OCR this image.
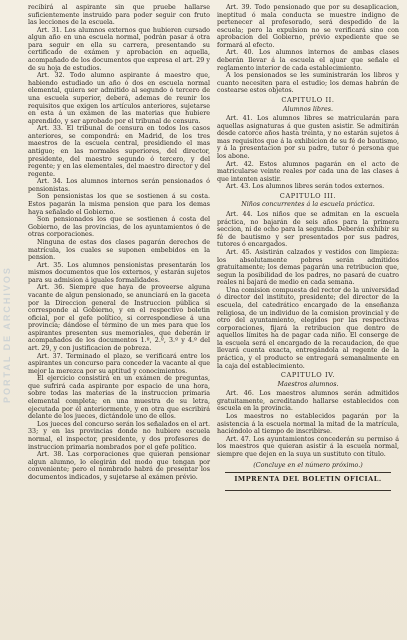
PORTAL DE ARCHIVOS

recibirá al aspirante sin que pruebe hallarse suficientemente instruido para poder seguir con fruto las lecciones de la escuela.

Art. 31. Los alumnos externos que hubieren cursado algun año en una escuela normal, podrán pasar á otra para seguir en ella su carrera, presentando su certificado de exámen y aprobacion en aquella, acompañado de los documentos que expresa el art. 29 y de su hoja de estudios.

Art. 32. Todo alumno aspirante á maestro que, habiendo estudiado un año ó dos en escuela normal elemental, quiera ser admitido al segundo ó tercero de una escuela superior, deberá, ademas de reunir los requisitos que exigen los artículos anteriores, sujetarse en esta á un exámen de las materias que hubiere aprendido, y ser aprobado por el tribunal de censura.

Art. 33. El tribunal de censura en todos los casos anteriores, se compondrá: en Madrid, de los tres maestros de la escuela central, presidiendo el mas antiguo; en las normales superiores, del director, presidente, del maestro segundo ó tercero, y del regente; y en las elementales, del maestro director y del regente.

Art. 34. Los alumnos internos serán pensionados ó pensionistas.

Son pensionistas los que se sostienen á su costa. Estos pagarán la misma pension que para los demas haya señalado el Gobierno.

Son pensionados los que se sostienen á costa del Gobierno, de las provincias, de los ayuntamientos ó de otras corporaciones.

Ninguna de estas dos clases pagarán derechos de matrícula, los cuales se suponen embebidos en la pension.

Art. 35. Los alumnos pensionistas presentarán los mismos documentos que los externos, y estarán sujetos para su admision á iguales formalidades.

Art. 36. Siempre que haya de proveerse alguna vacante de algun pensionado, se anunciará en la gaceta por la Direccion general de Instruccion pública si corresponde al Gobierno, y en el respectivo boletin oficial, por el gefe político, si correspondiese á una provincia; dándose el término de un mes para que los aspirantes presenten sus memoriales, que deberán ir acompañados de los documentos 1.º, 2.º, 3.º y 4.º del art. 29, y con justificacion de pobreza.

Art. 37. Terminado el plazo, se verificará entre los aspirantes un concurso para conceder la vacante al que mejor la merezca por su aptitud y conocimientos.

El ejercicio consistirá en un exámen de preguntas, que sufrirá cada aspirante por espacio de una hora, sobre todas las materias de la instruccion primaria elemental completa; en una muestra de su letra, ejecutada por él anteriormente, y en otra que escribirá delante de los jueces, dictándole uno de ellos.

Los jueces del concurso serán los señalados en el art. 33; y en las provincias donde no hubiere escuela normal, el inspector, presidente, y dos profesores de instruccion primaria nombrados por el gefe político.

Art. 38. Las corporaciones que quieran pensionar algun alumno, lo elegirán del modo que tengan por conveniente; pero el nombrado habrá de presentar los documentos indicados, y sujetarse al exámen prévio.

Art. 39. Todo pensionado que por su desaplicacion, ineptitud ó mala conducta se muestre indigno de pertenecer al profesorado, será despedido de la escuela; pero la expulsion no se verificará sino con aprobacion del Gobierno, prévio expediente que se formará al efecto.

Art. 40. Los alumnos internos de ambas clases deberán llevar á la escuela el ajuar que señale el reglamento interior de cada establecimiento.

A los pensionados se les suministrarán los libros y cuanto necesiten para el estudio; los demas habrán de costearse estos objetos.

CAPITULO II.

Alumnos libres.

Art. 41. Los alumnos libres se matricularán para aquellas asignaturas á que gusten asistir. Se admitirán desde catorce años hasta treinta, y no estarán sujetos á mas requisitos que á la exhibicion de su fé de bautismo, y á la presentacion por su padre, tutor ó persona que los abone.

Art. 42. Estos alumnos pagarán en el acto de matricularse veinte reales por cada una de las clases á que intenten asistir.

Art. 43. Los alumnos libres serán todos externos.

CAPITULO III.

Niños concurrentes á la escuela práctica.

Art. 44. Los niños que se admitan en la escuela práctica, no bajarán de seis años para la primera seccion, ni de ocho para la segunda. Deberán exhibir su fé de bautismo y ser presentados por sus padres, tutores ó encargados.

Art. 45. Asistirán calzados y vestidos con limpieza: los absolutamente pobres serán admitidos gratuitamente; los demas pagarán una retribucion que, segun la posibilidad de los padres, no pasará de cuatro reales ni bajará de medio en cada semana.

Una comision compuesta del rector de la universidad ó director del instituto, presidente; del director de la escuela, del catedrático encargado de la enseñanza religiosa, de un individuo de la comision provincial y de otro del ayuntamiento, elegidos por las respectivas corporaciones, fijará la retribucion que dentro de aquellos límites ha de pagar cada niño. El conserge de la escuela será el encargado de la recaudacion, de que llevará cuenta exacta, entregándola al regente de la práctica, y el producto se entregará semanalmente en la caja del establecimiento.

CAPITULO IV.

Maestros alumnos.

Art. 46. Los maestros alumnos serán admitidos gratuitamente, acreditando hallarse establecidos con escuela en la provincia.

Los maestros no establecidos pagarán por la asistencia á la escuela normal la mitad de la matrícula, haciéndolo al tiempo de inscribirse.

Art. 47. Los ayuntamientos concederán su permiso á los maestros que quieran asistir á la escuela normal, siempre que dejen en la suya un sustituto con título.

(Concluye en el número próximo.)

IMPRENTA DEL BOLETIN OFICIAL.
